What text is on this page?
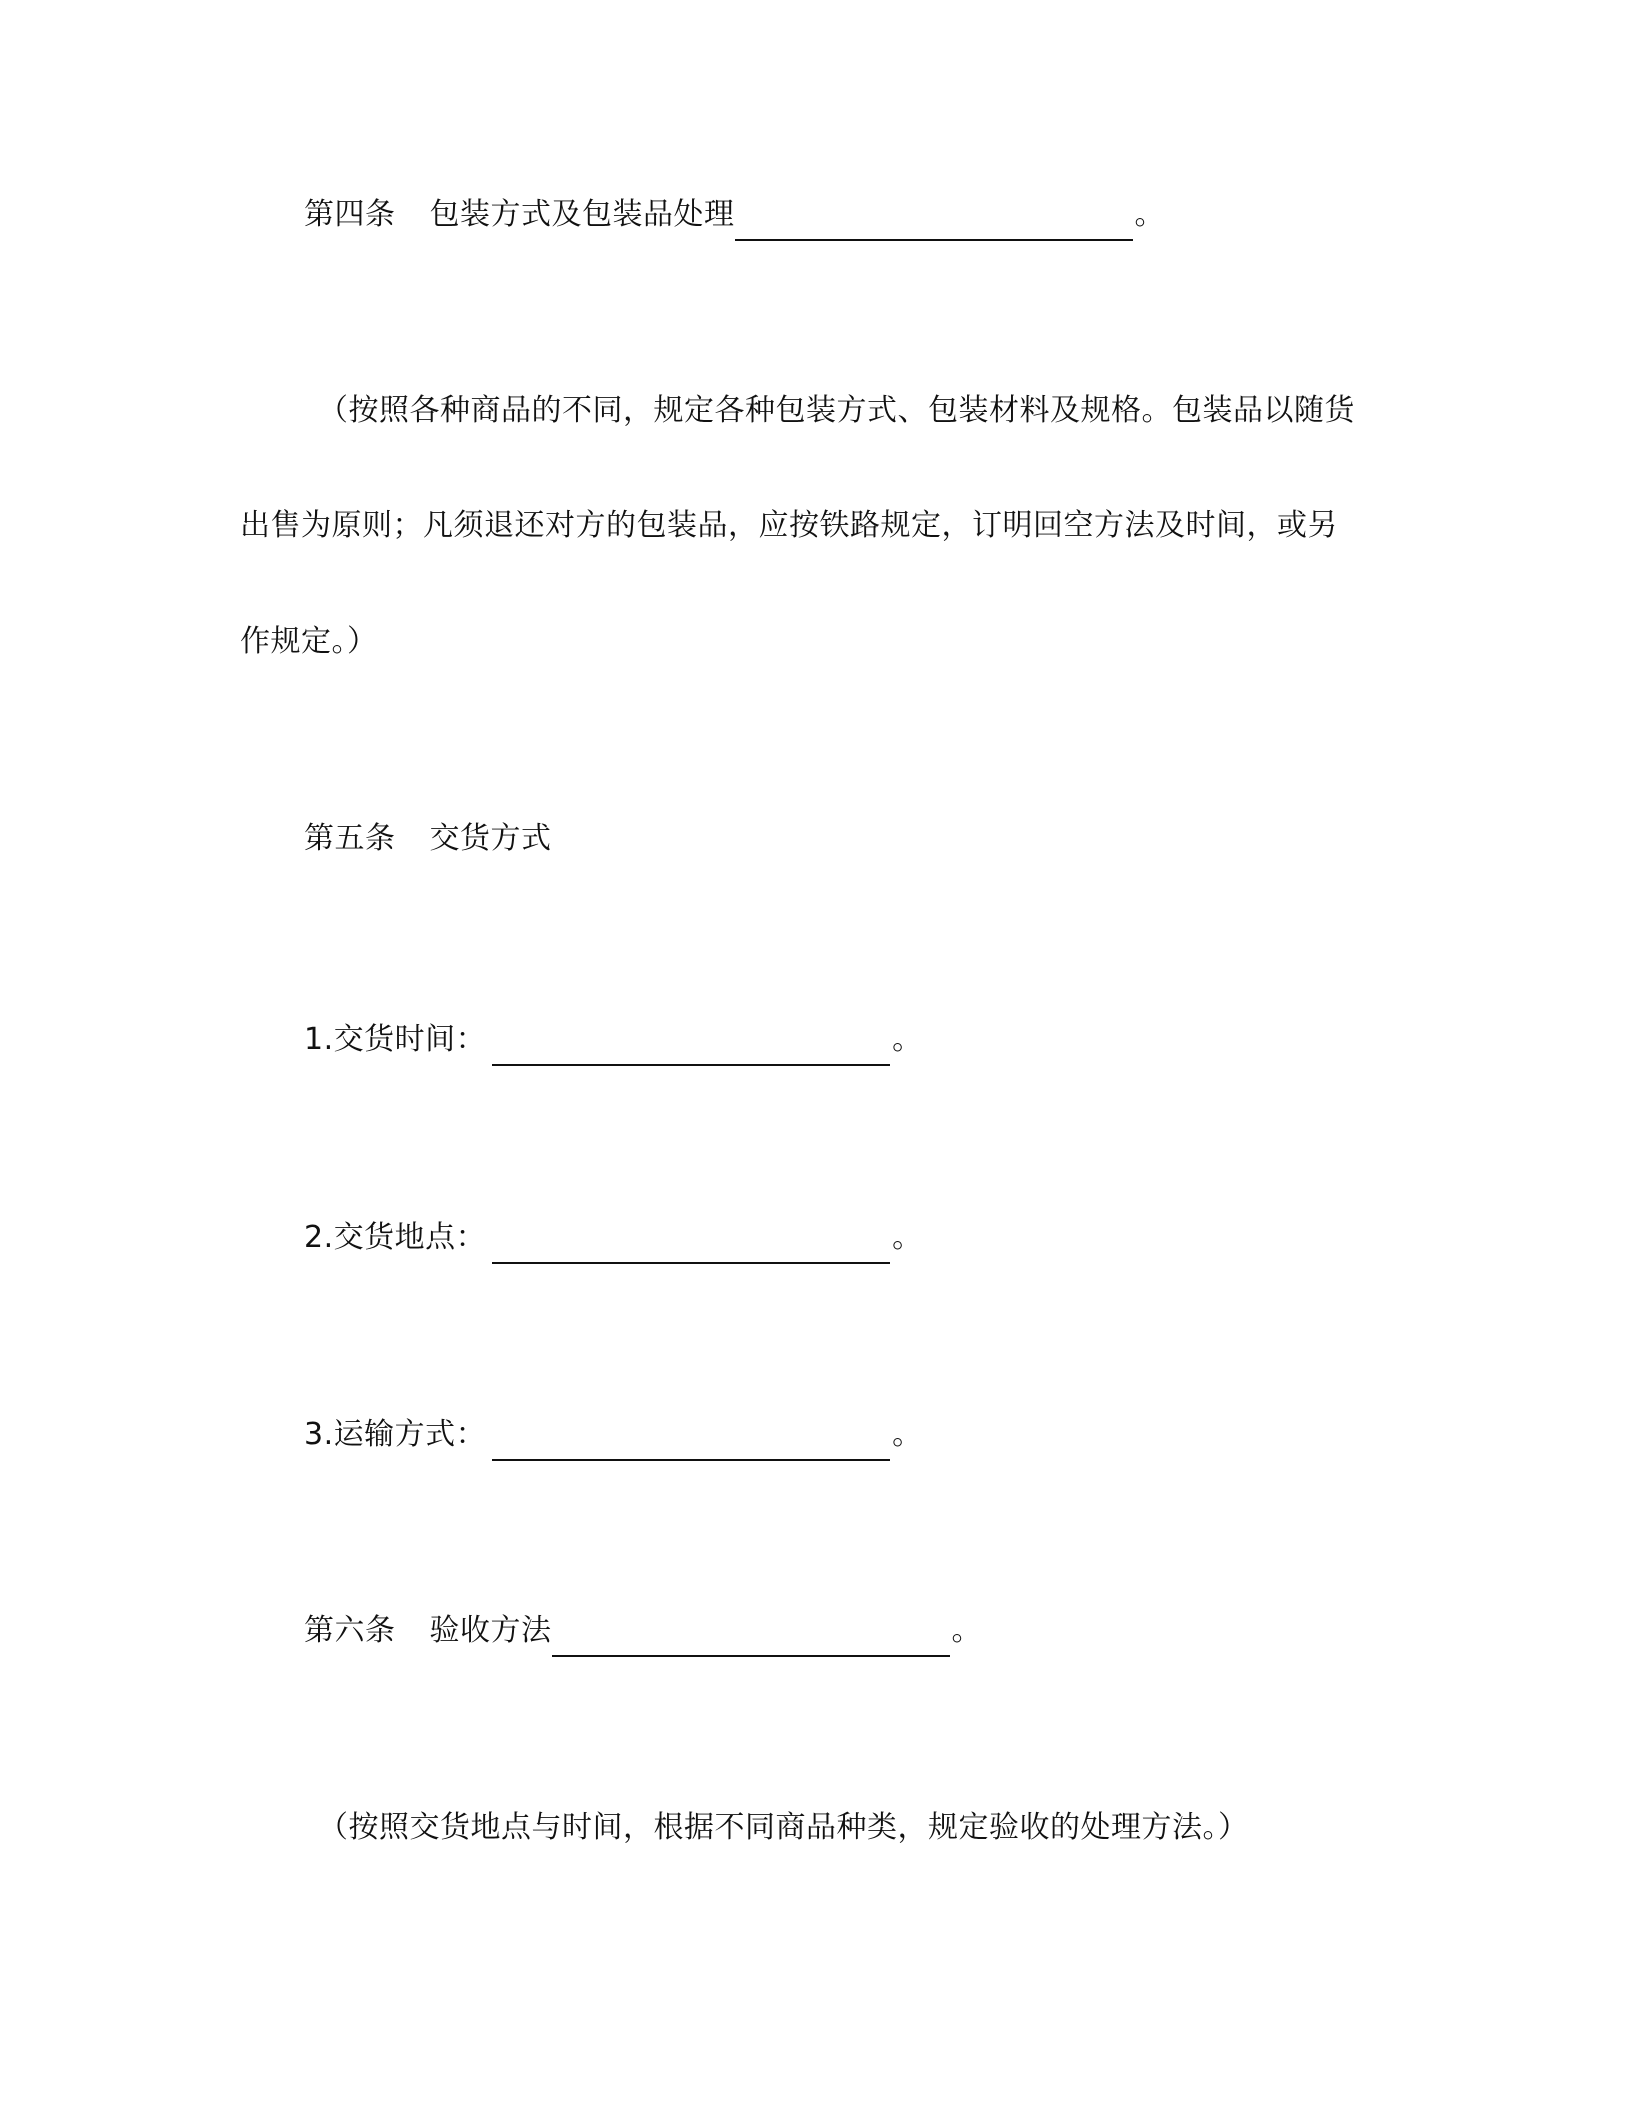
第四条 包装方式及包装品处理	。
（按照各种商品的不同，规定各种包装方式、包装材料及规格。包装品以随货
出售为原则；凡须退还对方的包装品，应按铁路规定，订明回空方法及时间，或另
作规定。）
第五条 交货方式
1.交货时间：	。
2.交货地点：	。
3.运输方式：	。
第六条 验收方法	。
（按照交货地点与时间，根据不同商品种类，规定验收的处理方法。）
